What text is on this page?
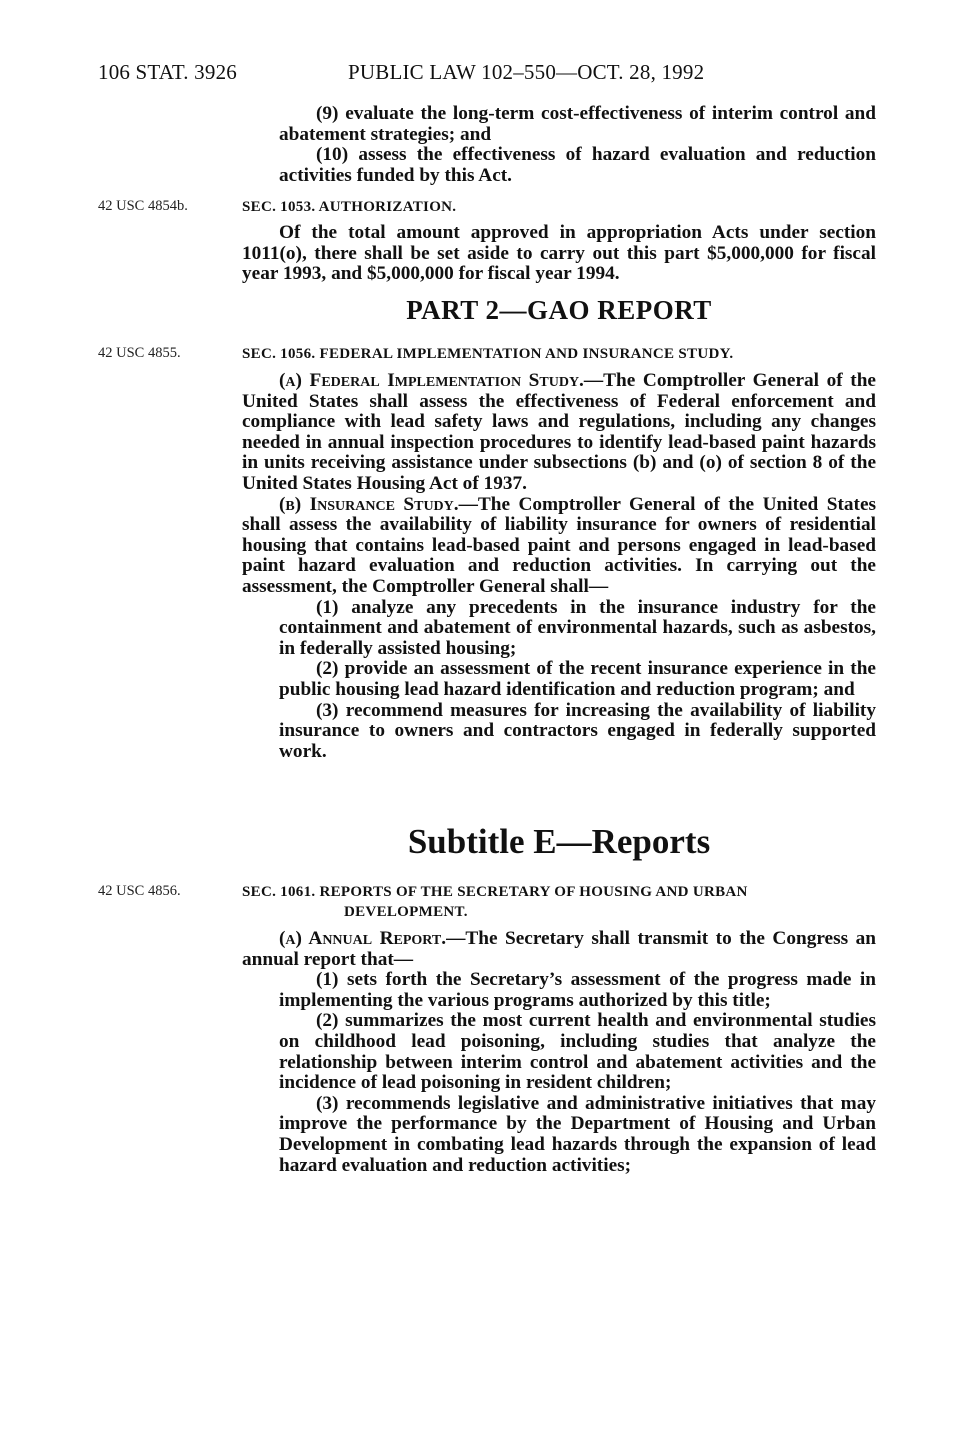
106 STAT. 3926	PUBLIC LAW 102–550—OCT. 28, 1992

(9) evaluate the long-term cost-effectiveness of interim control and abatement strategies; and

(10) assess the effectiveness of hazard evaluation and reduction activities funded by this Act.

42 USC 4854b.	SEC. 1053. AUTHORIZATION.

Of the total amount approved in appropriation Acts under section 1011(o), there shall be set aside to carry out this part $5,000,000 for fiscal year 1993, and $5,000,000 for fiscal year 1994.

PART 2—GAO REPORT
42 USC 4855.	SEC. 1056. FEDERAL IMPLEMENTATION AND INSURANCE STUDY.

(a) Federal Implementation Study.—The Comptroller General of the United States shall assess the effectiveness of Federal enforcement and compliance with lead safety laws and regulations, including any changes needed in annual inspection procedures to identify lead-based paint hazards in units receiving assistance under subsections (b) and (o) of section 8 of the United States Housing Act of 1937.

(b) Insurance Study.—The Comptroller General of the United States shall assess the availability of liability insurance for owners of residential housing that contains lead-based paint and persons engaged in lead-based paint hazard evaluation and reduction activities. In carrying out the assessment, the Comptroller General shall—

(1) analyze any precedents in the insurance industry for the containment and abatement of environmental hazards, such as asbestos, in federally assisted housing;

(2) provide an assessment of the recent insurance experience in the public housing lead hazard identification and reduction program; and

(3) recommend measures for increasing the availability of liability insurance to owners and contractors engaged in federally supported work.

Subtitle E—Reports
42 USC 4856.	SEC. 1061. REPORTS OF THE SECRETARY OF HOUSING AND URBAN
DEVELOPMENT.

(a) Annual Report.—The Secretary shall transmit to the Congress an annual report that—

(1) sets forth the Secretary’s assessment of the progress made in implementing the various programs authorized by this title;

(2) summarizes the most current health and environmental studies on childhood lead poisoning, including studies that analyze the relationship between interim control and abatement activities and the incidence of lead poisoning in resident children;

(3) recommends legislative and administrative initiatives that may improve the performance by the Department of Housing and Urban Development in combating lead hazards through the expansion of lead hazard evaluation and reduction activities;
